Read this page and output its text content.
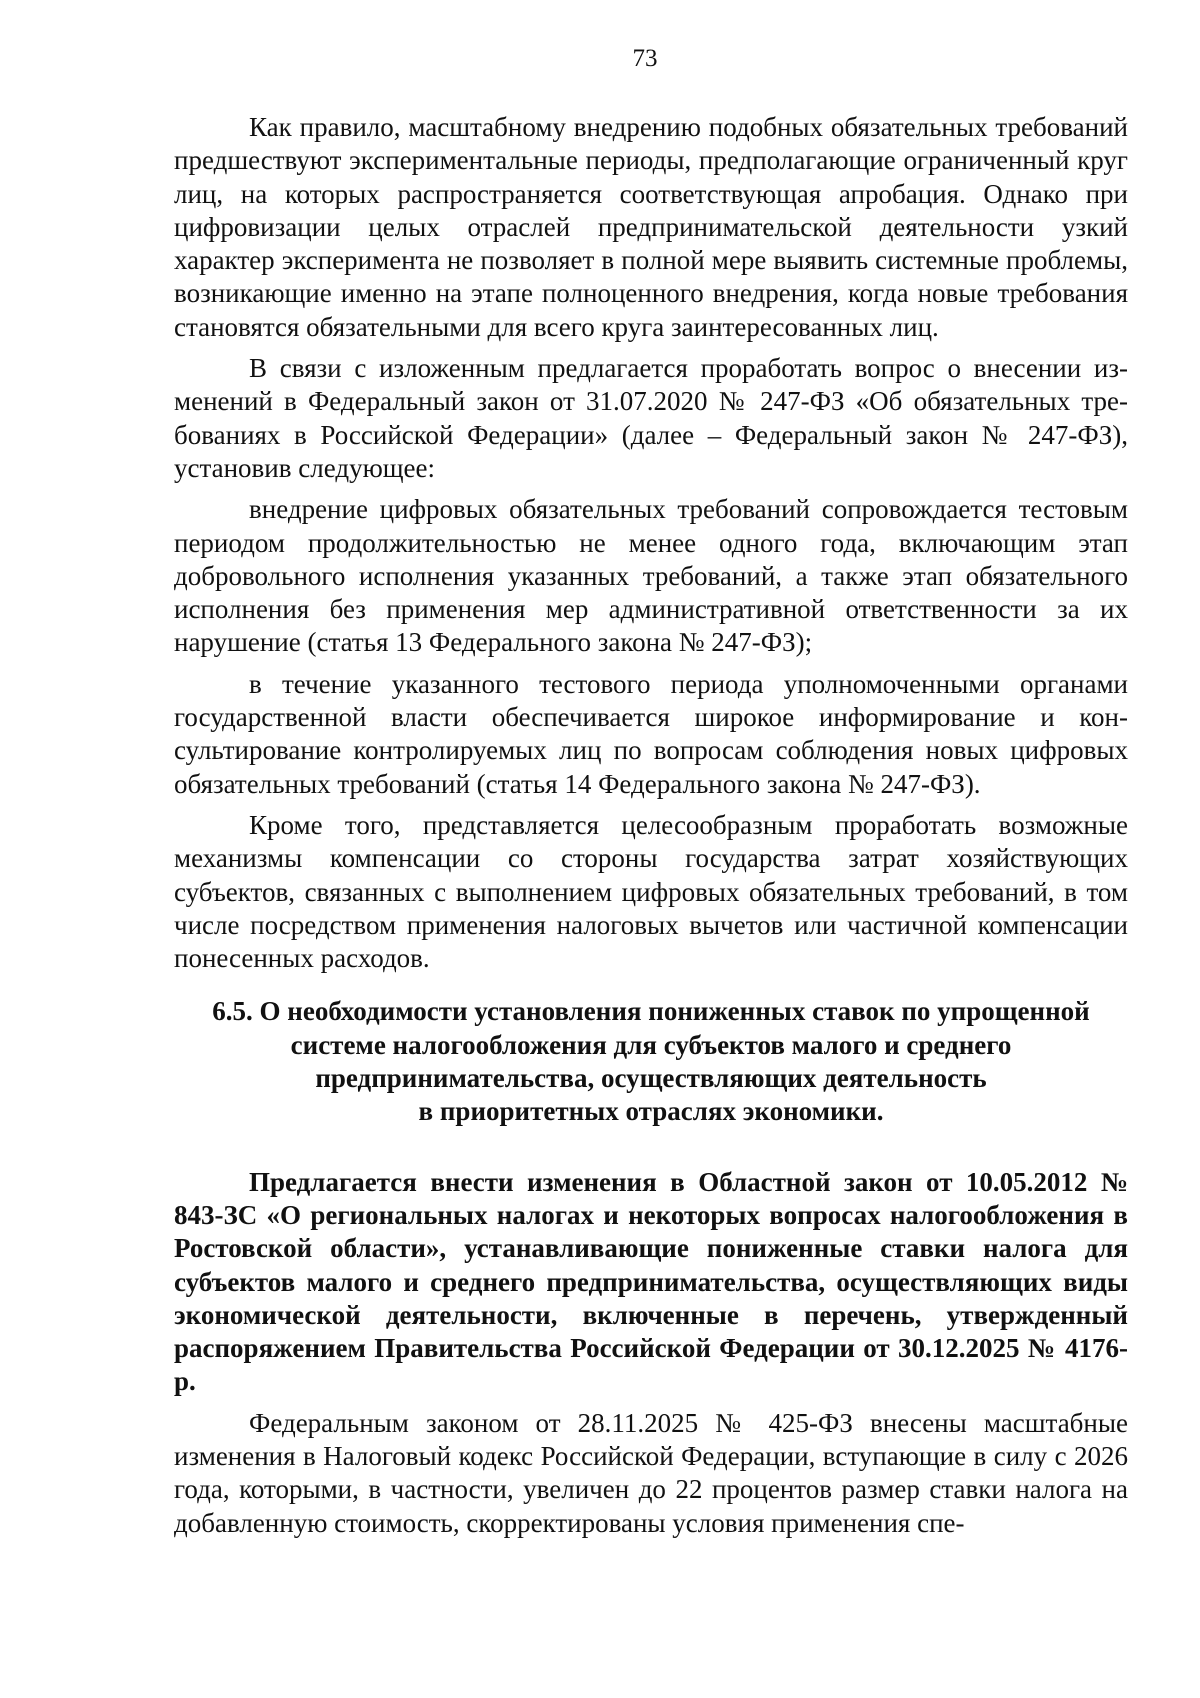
73

Как правило, масштабному внедрению подобных обязательных требований предшествуют экспериментальные периоды, предполагающие ограниченный круг лиц, на которых распространяется соответствующая апробация. Однако при цифровизации целых отраслей предпринимательской деятельности узкий характер эксперимента не позволяет в полной мере выявить системные проблемы, возникающие именно на этапе полноценного внедрения, когда новые требования становятся обязательными для всего круга заинтересованных лиц.

В связи с изложенным предлагается проработать вопрос о внесении изменений в Федеральный закон от 31.07.2020 № 247-ФЗ «Об обязательных требованиях в Российской Федерации» (далее – Федеральный закон № 247-ФЗ), установив следующее:

внедрение цифровых обязательных требований сопровождается тестовым периодом продолжительностью не менее одного года, включающим этап добровольного исполнения указанных требований, а также этап обязательного исполнения без применения мер административной ответственности за их нарушение (статья 13 Федерального закона № 247-ФЗ);

в течение указанного тестового периода уполномоченными органами государственной власти обеспечивается широкое информирование и консультирование контролируемых лиц по вопросам соблюдения новых цифровых обязательных требований (статья 14 Федерального закона № 247-ФЗ).

Кроме того, представляется целесообразным проработать возможные механизмы компенсации со стороны государства затрат хозяйствующих субъектов, связанных с выполнением цифровых обязательных требований, в том числе посредством применения налоговых вычетов или частичной компенсации понесенных расходов.

6.5. О необходимости установления пониженных ставок по упрощенной
системе налогообложения для субъектов малого и среднего
предпринимательства, осуществляющих деятельность
в приоритетных отраслях экономики.

Предлагается внести изменения в Областной закон от 10.05.2012 № 843-ЗС «О региональных налогах и некоторых вопросах налогообложения в Ростовской области», устанавливающие пониженные ставки налога для субъектов малого и среднего предпринимательства, осуществляющих виды экономической деятельности, включенные в перечень, утвержденный распоряжением Правительства Российской Федерации от 30.12.2025 № 4176-р.

Федеральным законом от 28.11.2025 № 425-ФЗ внесены масштабные изменения в Налоговый кодекс Российской Федерации, вступающие в силу с 2026 года, которыми, в частности, увеличен до 22 процентов размер ставки налога на добавленную стоимость, скорректированы условия применения спе-
